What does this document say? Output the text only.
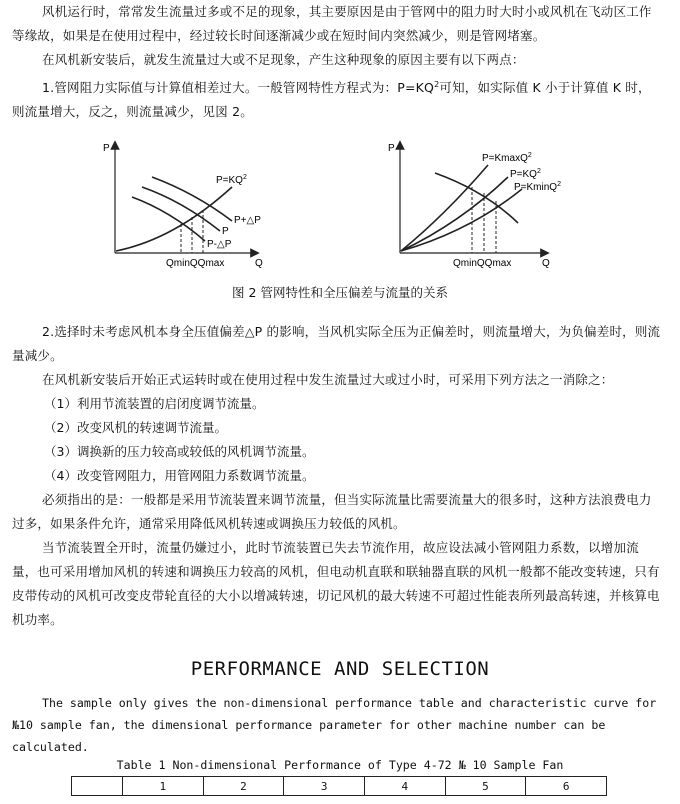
风机运行时，常常发生流量过多或不足的现象，其主要原因是由于管网中的阻力时大时小或风机在飞动区工作等缘故，如果是在使用过程中，经过较长时间逐渐减少或在短时间内突然减少，则是管网堵塞。
在风机新安装后，就发生流量过大或不足现象，产生这种现象的原因主要有以下两点：
1.管网阻力实际值与计算值相差过大。一般管网特性方程式为：$P=KQ^2$可知，如实际值 K 小于计算值 K 时，则流量增大，反之，则流量减少，见図 2。
P
Q
$P=KQ^2$
P+△P
P
P-△P
QminQQmax
P
Q
P=KmaxQ$^2$
$P=KQ^2$
P=KminQ$^2$
QminQQmax
图 2 管网特性和全压偏差与流量的关系
2.选择时未考虑风机本身全压值偏差△P 的影响，当风机实际全压为正偏差时，则流量增大，为负偏差时，则流量减少。
在风机新安装后开始正式运转时或在使用过程中发生流量过大或过小时，可采用下列方法之一消除之：
（1）利用节流装置的启闭度调节流量。
（2）改变风机的转速调节流量。
（3）调换新的压力较高或较低的风机调节流量。
（4）改变管网阻力，用管网阻力系数调节流量。
必须指出的是：一般都是采用节流装置来调节流量，但当实际流量比需要流量大的很多时，这种方法浪费电力过多，如果条件允许，通常采用降低风机转速或调换压力较低的风机。
当节流装置全开时，流量仍嫌过小，此时节流装置已失去节流作用，故应设法减小管网阻力系数，以增加流量，也可采用增加风机的转速和调换压力较高的风机，但电动机直联和联轴器直联的风机一般都不能改变转速，只有皮带传动的风机可改变皮带轮直径的大小以增减转速，切记风机的最大转速不可超过性能表所列最高转速，并核算电机功率。
PERFORMANCE AND SELECTION
The sample only gives the non-dimensional performance table and characteristic curve for №10 sample fan, the dimensional performance parameter for other machine number can be calculated.
Table 1 Non-dimensional Performance of Type 4-72 № 10 Sample Fan
	1	2	3	4	5	6
